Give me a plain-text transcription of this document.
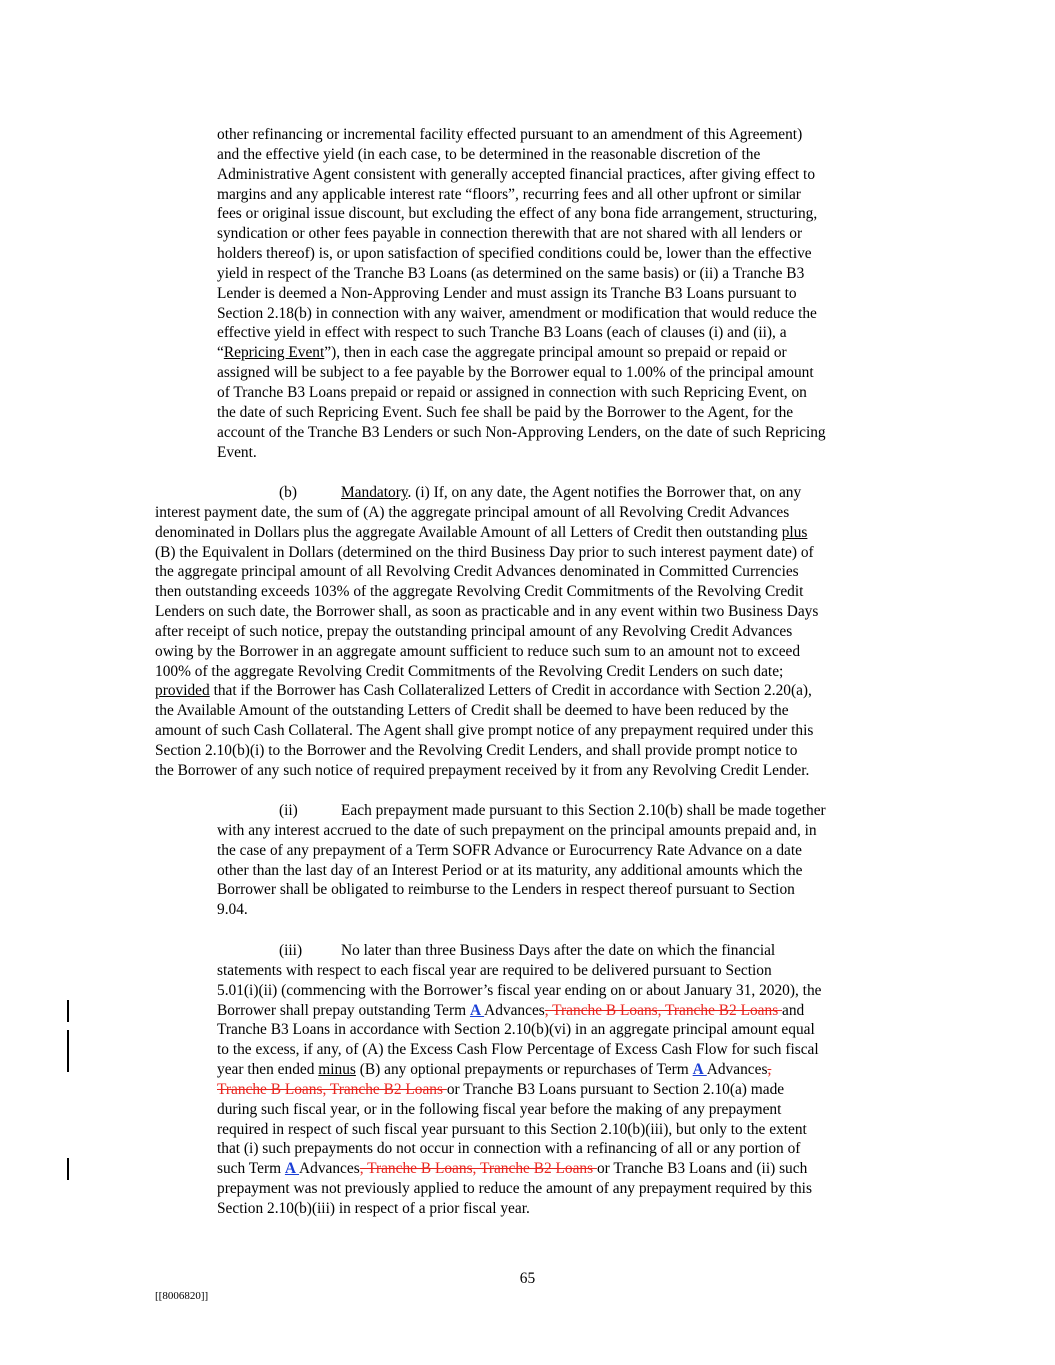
other refinancing or incremental facility effected pursuant to an amendment of this Agreement)
and the effective yield (in each case, to be determined in the reasonable discretion of the
Administrative Agent consistent with generally accepted financial practices, after giving effect to
margins and any applicable interest rate “floors”, recurring fees and all other upfront or similar
fees or original issue discount, but excluding the effect of any bona fide arrangement, structuring,
syndication or other fees payable in connection therewith that are not shared with all lenders or
holders thereof) is, or upon satisfaction of specified conditions could be, lower than the effective
yield in respect of the Tranche B3 Loans (as determined on the same basis) or (ii) a Tranche B3
Lender is deemed a Non-Approving Lender and must assign its Tranche B3 Loans pursuant to
Section 2.18(b) in connection with any waiver, amendment or modification that would reduce the
effective yield in effect with respect to such Tranche B3 Loans (each of clauses (i) and (ii), a
“Repricing Event”), then in each case the aggregate principal amount so prepaid or repaid or
assigned will be subject to a fee payable by the Borrower equal to 1.00% of the principal amount
of Tranche B3 Loans prepaid or repaid or assigned in connection with such Repricing Event, on
the date of such Repricing Event. Such fee shall be paid by the Borrower to the Agent, for the
account of the Tranche B3 Lenders or such Non-Approving Lenders, on the date of such Repricing
Event.
(b)	Mandatory. (i) If, on any date, the Agent notifies the Borrower that, on any
interest payment date, the sum of (A) the aggregate principal amount of all Revolving Credit Advances
denominated in Dollars plus the aggregate Available Amount of all Letters of Credit then outstanding plus
(B) the Equivalent in Dollars (determined on the third Business Day prior to such interest payment date) of
the aggregate principal amount of all Revolving Credit Advances denominated in Committed Currencies
then outstanding exceeds 103% of the aggregate Revolving Credit Commitments of the Revolving Credit
Lenders on such date, the Borrower shall, as soon as practicable and in any event within two Business Days
after receipt of such notice, prepay the outstanding principal amount of any Revolving Credit Advances
owing by the Borrower in an aggregate amount sufficient to reduce such sum to an amount not to exceed
100% of the aggregate Revolving Credit Commitments of the Revolving Credit Lenders on such date;
provided that if the Borrower has Cash Collateralized Letters of Credit in accordance with Section 2.20(a),
the Available Amount of the outstanding Letters of Credit shall be deemed to have been reduced by the
amount of such Cash Collateral. The Agent shall give prompt notice of any prepayment required under this
Section 2.10(b)(i) to the Borrower and the Revolving Credit Lenders, and shall provide prompt notice to
the Borrower of any such notice of required prepayment received by it from any Revolving Credit Lender.
(ii)	Each prepayment made pursuant to this Section 2.10(b) shall be made together
with any interest accrued to the date of such prepayment on the principal amounts prepaid and, in
the case of any prepayment of a Term SOFR Advance or Eurocurrency Rate Advance on a date
other than the last day of an Interest Period or at its maturity, any additional amounts which the
Borrower shall be obligated to reimburse to the Lenders in respect thereof pursuant to Section
9.04.
(iii)	No later than three Business Days after the date on which the financial
statements with respect to each fiscal year are required to be delivered pursuant to Section
5.01(i)(ii) (commencing with the Borrower’s fiscal year ending on or about January 31, 2020), the
Borrower shall prepay outstanding Term A Advances, Tranche B Loans, Tranche B2 Loans and
Tranche B3 Loans in accordance with Section 2.10(b)(vi) in an aggregate principal amount equal
to the excess, if any, of (A) the Excess Cash Flow Percentage of Excess Cash Flow for such fiscal
year then ended minus (B) any optional prepayments or repurchases of Term A Advances,
Tranche B Loans, Tranche B2 Loans or Tranche B3 Loans pursuant to Section 2.10(a) made
during such fiscal year, or in the following fiscal year before the making of any prepayment
required in respect of such fiscal year pursuant to this Section 2.10(b)(iii), but only to the extent
that (i) such prepayments do not occur in connection with a refinancing of all or any portion of
such Term A Advances, Tranche B Loans, Tranche B2 Loans or Tranche B3 Loans and (ii) such
prepayment was not previously applied to reduce the amount of any prepayment required by this
Section 2.10(b)(iii) in respect of a prior fiscal year.
65
[[8006820]]
